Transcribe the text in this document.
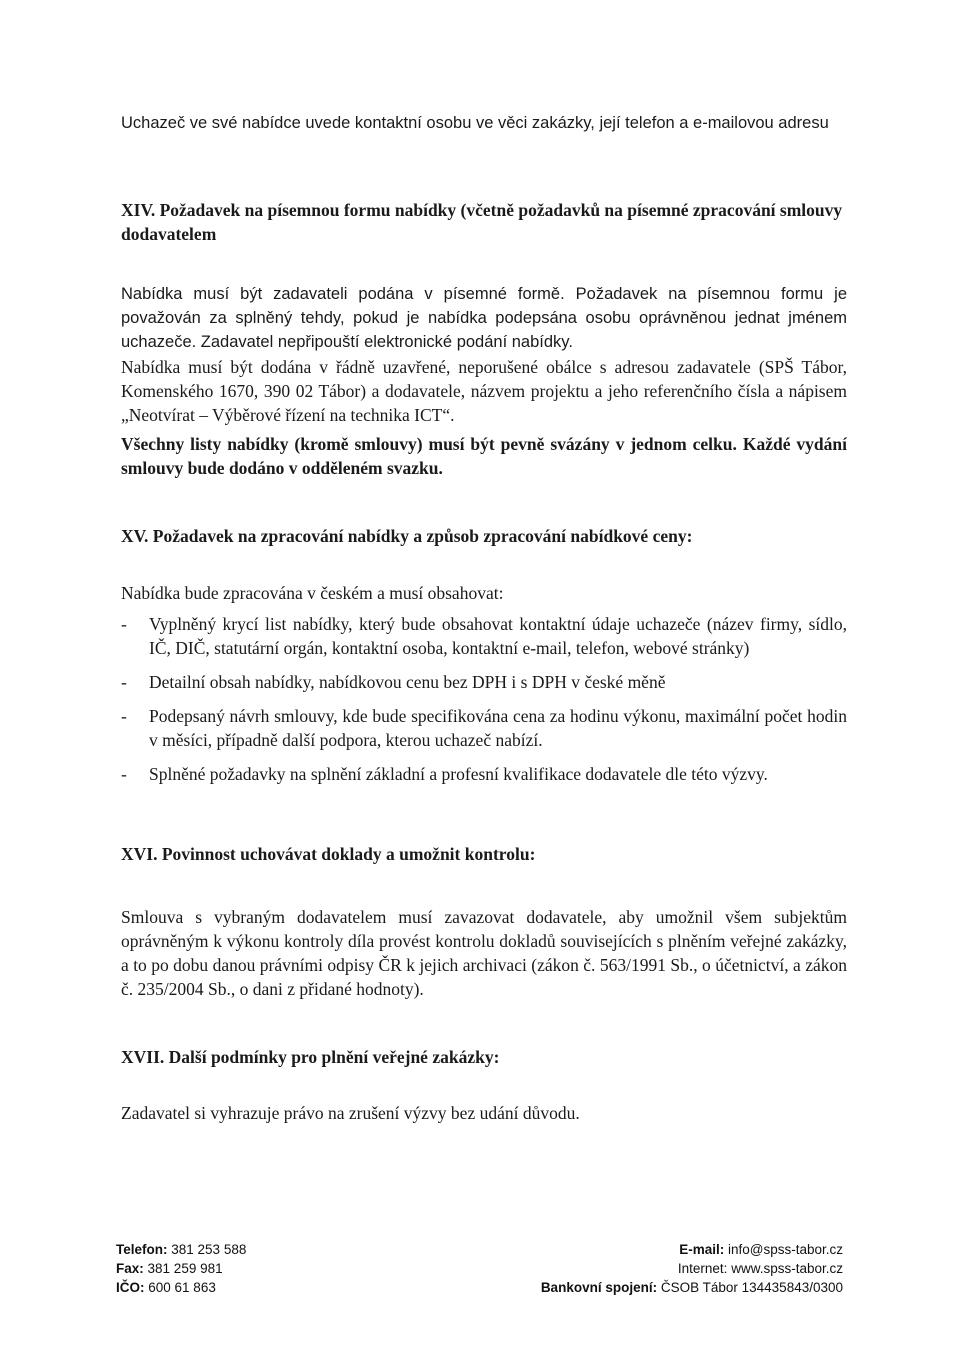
Uchazeč ve své nabídce uvede kontaktní osobu ve věci zakázky, její telefon a e-mailovou adresu

XIV. Požadavek na písemnou formu nabídky (včetně požadavků na písemné zpracování smlouvy dodavatelem

Nabídka musí být zadavateli podána v písemné formě. Požadavek na písemnou formu je považován za splněný tehdy, pokud je nabídka podepsána osobu oprávněnou jednat jménem uchazeče. Zadavatel nepřipouští elektronické podání nabídky.

Nabídka musí být dodána v řádně uzavřené, neporušené obálce s adresou zadavatele (SPŠ Tábor, Komenského 1670, 390 02 Tábor) a dodavatele, názvem projektu a jeho referenčního čísla a nápisem „Neotvírat – Výběrové řízení na technika ICT“.

Všechny listy nabídky (kromě smlouvy) musí být pevně svázány v jednom celku. Každé vydání smlouvy bude dodáno v odděleném svazku.

XV. Požadavek na zpracování nabídky a způsob zpracování nabídkové ceny:

Nabídka bude zpracována v českém a musí obsahovat:

- Vyplněný krycí list nabídky, který bude obsahovat kontaktní údaje uchazeče (název firmy, sídlo, IČ, DIČ, statutární orgán, kontaktní osoba, kontaktní e-mail, telefon, webové stránky)
- Detailní obsah nabídky, nabídkovou cenu bez DPH i s DPH v české měně
- Podepsaný návrh smlouvy, kde bude specifikována cena za hodinu výkonu, maximální počet hodin v měsíci, případně další podpora, kterou uchazeč nabízí.
- Splněné požadavky na splnění základní a profesní kvalifikace dodavatele dle této výzvy.

XVI. Povinnost uchovávat doklady a umožnit kontrolu:

Smlouva s vybraným dodavatelem musí zavazovat dodavatele, aby umožnil všem subjektům oprávněným k výkonu kontroly díla provést kontrolu dokladů souvisejících s plněním veřejné zakázky, a to po dobu danou právními odpisy ČR k jejich archivaci (zákon č. 563/1991 Sb., o účetnictví, a zákon č. 235/2004 Sb., o dani z přidané hodnoty).

XVII. Další podmínky pro plnění veřejné zakázky:

Zadavatel si vyhrazuje právo na zrušení výzvy bez udání důvodu.

Telefon: 381 253 588
Fax: 381 259 981
IČO: 600 61 863
E-mail: info@spss-tabor.cz
Internet: www.spss-tabor.cz
Bankovní spojení: ČSOB Tábor 134435843/0300
